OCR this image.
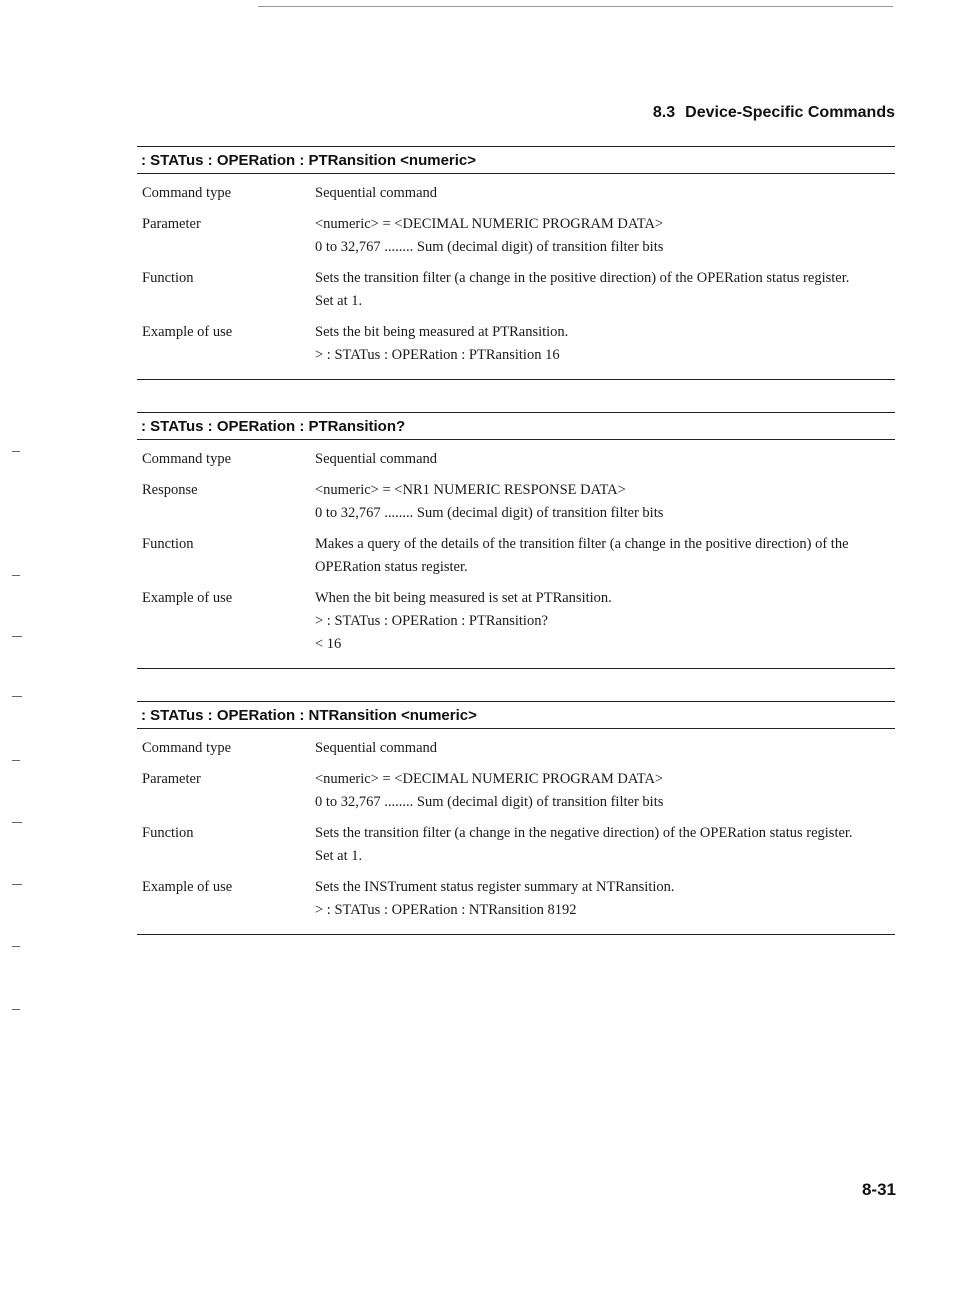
8.3 Device-Specific Commands
: STATus : OPERation : PTRansition <numeric>
Command type	Sequential command
Parameter	<numeric> = <DECIMAL NUMERIC PROGRAM DATA>
0 to 32,767 ........ Sum (decimal digit) of transition filter bits
Function	Sets the transition filter (a change in the positive direction) of the OPERation status register.
Set at 1.
Example of use	Sets the bit being measured at PTRansition.
> : STATus : OPERation : PTRansition 16
: STATus : OPERation : PTRansition?
Command type	Sequential command
Response	<numeric> = <NR1 NUMERIC RESPONSE DATA>
0 to 32,767 ........ Sum (decimal digit) of transition filter bits
Function	Makes a query of the details of the transition filter (a change in the positive direction) of the
OPERation status register.
Example of use	When the bit being measured is set at PTRansition.
> : STATus : OPERation : PTRansition?
< 16
: STATus : OPERation : NTRansition <numeric>
Command type	Sequential command
Parameter	<numeric> = <DECIMAL NUMERIC PROGRAM DATA>
0 to 32,767 ........ Sum (decimal digit) of transition filter bits
Function	Sets the transition filter (a change in the negative direction) of the OPERation status register.
Set at 1.
Example of use	Sets the INSTrument status register summary at NTRansition.
> : STATus : OPERation : NTRansition 8192
8-31
